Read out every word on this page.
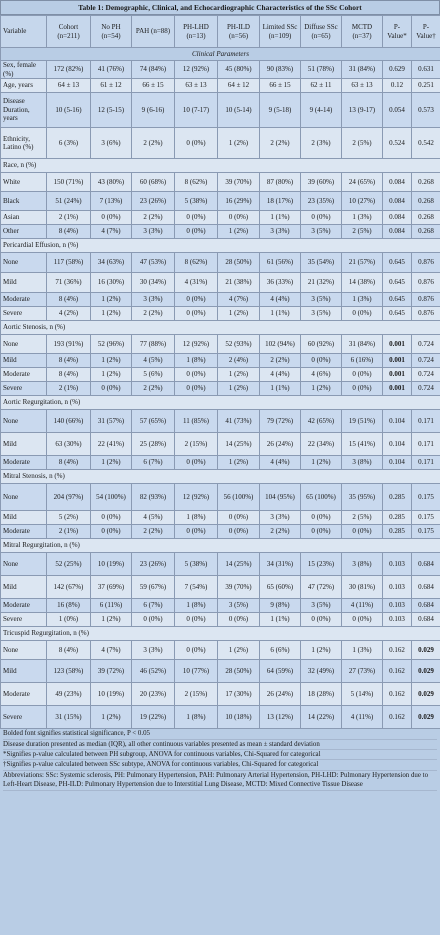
Table 1: Demographic, Clinical, and Echocardiographic Characteristics of the SSc Cohort
Variable	Cohort (n=211)	No PH (n=54)	PAH (n=88)	PH-LHD (n=13)	PH-ILD (n=56)	Limited SSc (n=109)	Diffuse SSc (n=65)	MCTD (n=37)	P-Value*	P-Value†
Clinical Parameters										
Sex, female (%)	172 (82%)	41 (76%)	74 (84%)	12 (92%)	45 (80%)	90 (83%)	51 (78%)	31 (84%)	0.629	0.631
Age, years	64 ± 13	61 ± 12	66 ± 15	63 ± 13	64 ± 12	66 ± 15	62 ± 11	63 ± 13	0.12	0.251
Disease Duration, years	10 (5-16)	12 (5-15)	9 (6-16)	10 (7-17)	10 (5-14)	9 (5-18)	9 (4-14)	13 (9-17)	0.054	0.573
Ethnicity, Latino (%)	6 (3%)	3 (6%)	2 (2%)	0 (0%)	1 (2%)	2 (2%)	2 (3%)	2 (5%)	0.524	0.542
Race, n (%)										
White	150 (71%)	43 (80%)	60 (68%)	8 (62%)	39 (70%)	87 (80%)	39 (60%)	24 (65%)	0.084	0.268
Black	51 (24%)	7 (13%)	23 (26%)	5 (38%)	16 (29%)	18 (17%)	23 (35%)	10 (27%)	0.084	0.268
Asian	2 (1%)	0 (0%)	2 (2%)	0 (0%)	0 (0%)	1 (1%)	0 (0%)	1 (3%)	0.084	0.268
Other	8 (4%)	4 (7%)	3 (3%)	0 (0%)	1 (2%)	3 (3%)	3 (5%)	2 (5%)	0.084	0.268
Pericardial Effusion, n (%)										
None	117 (58%)	34 (63%)	47 (53%)	8 (62%)	28 (50%)	61 (56%)	35 (54%)	21 (57%)	0.645	0.876
Mild	71 (36%)	16 (30%)	30 (34%)	4 (31%)	21 (38%)	36 (33%)	21 (32%)	14 (38%)	0.645	0.876
Moderate	8 (4%)	1 (2%)	3 (3%)	0 (0%)	4 (7%)	4 (4%)	3 (5%)	1 (3%)	0.645	0.876
Severe	4 (2%)	1 (2%)	2 (2%)	0 (0%)	1 (2%)	1 (1%)	3 (5%)	0 (0%)	0.645	0.876
Aortic Stenosis, n (%)										
None	193 (91%)	52 (96%)	77 (88%)	12 (92%)	52 (93%)	102 (94%)	60 (92%)	31 (84%)	0.001	0.724
Mild	8 (4%)	1 (2%)	4 (5%)	1 (8%)	2 (4%)	2 (2%)	0 (0%)	6 (16%)	0.001	0.724
Moderate	8 (4%)	1 (2%)	5 (6%)	0 (0%)	1 (2%)	4 (4%)	4 (6%)	0 (0%)	0.001	0.724
Severe	2 (1%)	0 (0%)	2 (2%)	0 (0%)	1 (2%)	1 (1%)	1 (2%)	0 (0%)	0.001	0.724
Aortic Regurgitation, n (%)										
None	140 (66%)	31 (57%)	57 (65%)	11 (85%)	41 (73%)	79 (72%)	42 (65%)	19 (51%)	0.104	0.171
Mild	63 (30%)	22 (41%)	25 (28%)	2 (15%)	14 (25%)	26 (24%)	22 (34%)	15 (41%)	0.104	0.171
Moderate	8 (4%)	1 (2%)	6 (7%)	0 (0%)	1 (2%)	4 (4%)	1 (2%)	3 (8%)	0.104	0.171
Mitral Stenosis, n (%)										
None	204 (97%)	54 (100%)	82 (93%)	12 (92%)	56 (100%)	104 (95%)	65 (100%)	35 (95%)	0.285	0.175
Mild	5 (2%)	0 (0%)	4 (5%)	1 (8%)	0 (0%)	3 (3%)	0 (0%)	2 (5%)	0.285	0.175
Moderate	2 (1%)	0 (0%)	2 (2%)	0 (0%)	0 (0%)	2 (2%)	0 (0%)	0 (0%)	0.285	0.175
Mitral Regurgitation, n (%)										
None	52 (25%)	10 (19%)	23 (26%)	5 (38%)	14 (25%)	34 (31%)	15 (23%)	3 (8%)	0.103	0.684
Mild	142 (67%)	37 (69%)	59 (67%)	7 (54%)	39 (70%)	65 (60%)	47 (72%)	30 (81%)	0.103	0.684
Moderate	16 (8%)	6 (11%)	6 (7%)	1 (8%)	3 (5%)	9 (8%)	3 (5%)	4 (11%)	0.103	0.684
Severe	1 (0%)	1 (2%)	0 (0%)	0 (0%)	0 (0%)	1 (1%)	0 (0%)	0 (0%)	0.103	0.684
Tricuspid Regurgitation, n (%)										
None	8 (4%)	4 (7%)	3 (3%)	0 (0%)	1 (2%)	6 (6%)	1 (2%)	1 (3%)	0.162	0.029
Mild	123 (58%)	39 (72%)	46 (52%)	10 (77%)	28 (50%)	64 (59%)	32 (49%)	27 (73%)	0.162	0.029
Moderate	49 (23%)	10 (19%)	20 (23%)	2 (15%)	17 (30%)	26 (24%)	18 (28%)	5 (14%)	0.162	0.029
Severe	31 (15%)	1 (2%)	19 (22%)	1 (8%)	10 (18%)	13 (12%)	14 (22%)	4 (11%)	0.162	0.029
Bolded font signifies statistical significance, P < 0.05
Disease duration presented as median (IQR), all other continuous variables presented as mean ± standard deviation
*Signifies p-value calculated between PH subgroup, ANOVA for continuous variables, Chi-Squared for categorical
†Signifies p-value calculated between SSc subtype, ANOVA for continuous variables, Chi-Squared for categorical
Abbreviations: SSc: Systemic sclerosis, PH: Pulmonary Hypertension, PAH: Pulmonary Arterial Hypertension, PH-LHD: Pulmonary Hypertension due to Left-Heart Disease, PH-ILD: Pulmonary Hypertension due to Interstitial Lung Disease, MCTD: Mixed Connective Tissue Disease
